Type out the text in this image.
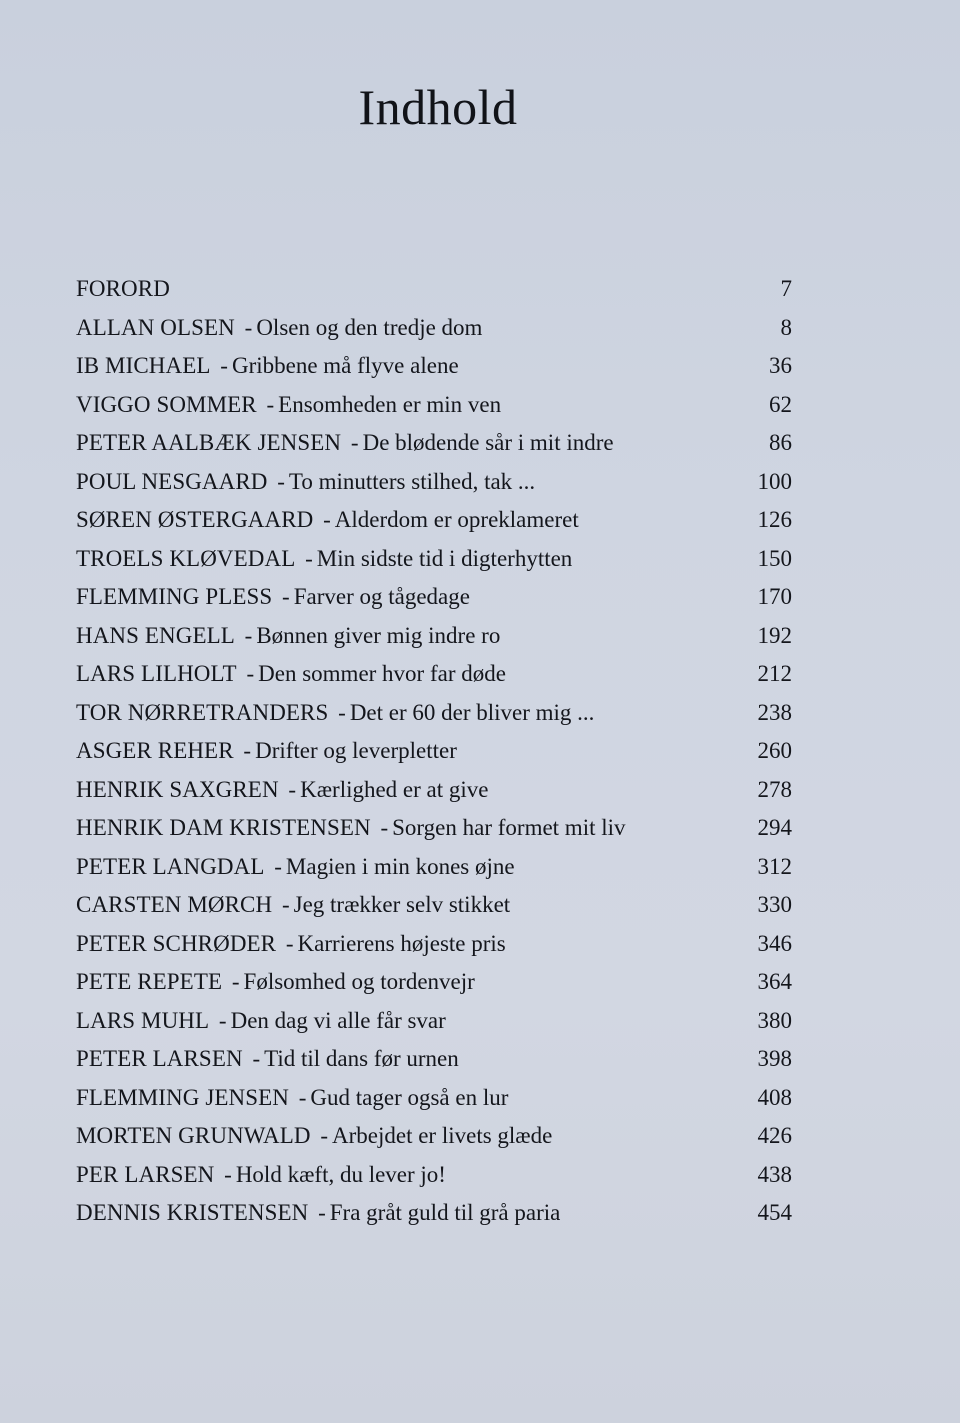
Indhold
FORORD	7
ALLAN OLSEN - Olsen og den tredje dom	8
IB MICHAEL - Gribbene må flyve alene	36
VIGGO SOMMER - Ensomheden er min ven	62
PETER AALBÆK JENSEN - De blødende sår i mit indre	86
POUL NESGAARD - To minutters stilhed, tak ...	100
SØREN ØSTERGAARD - Alderdom er opreklameret	126
TROELS KLØVEDAL - Min sidste tid i digterhytten	150
FLEMMING PLESS - Farver og tågedage	170
HANS ENGELL - Bønnen giver mig indre ro	192
LARS LILHOLT - Den sommer hvor far døde	212
TOR NØRRETRANDERS - Det er 60 der bliver mig ...	238
ASGER REHER - Drifter og leverpletter	260
HENRIK SAXGREN - Kærlighed er at give	278
HENRIK DAM KRISTENSEN - Sorgen har formet mit liv	294
PETER LANGDAL - Magien i min kones øjne	312
CARSTEN MØRCH - Jeg trækker selv stikket	330
PETER SCHRØDER - Karrierens højeste pris	346
PETE REPETE - Følsomhed og tordenvejr	364
LARS MUHL - Den dag vi alle får svar	380
PETER LARSEN - Tid til dans før urnen	398
FLEMMING JENSEN - Gud tager også en lur	408
MORTEN GRUNWALD - Arbejdet er livets glæde	426
PER LARSEN - Hold kæft, du lever jo!	438
DENNIS KRISTENSEN - Fra gråt guld til grå paria	454
